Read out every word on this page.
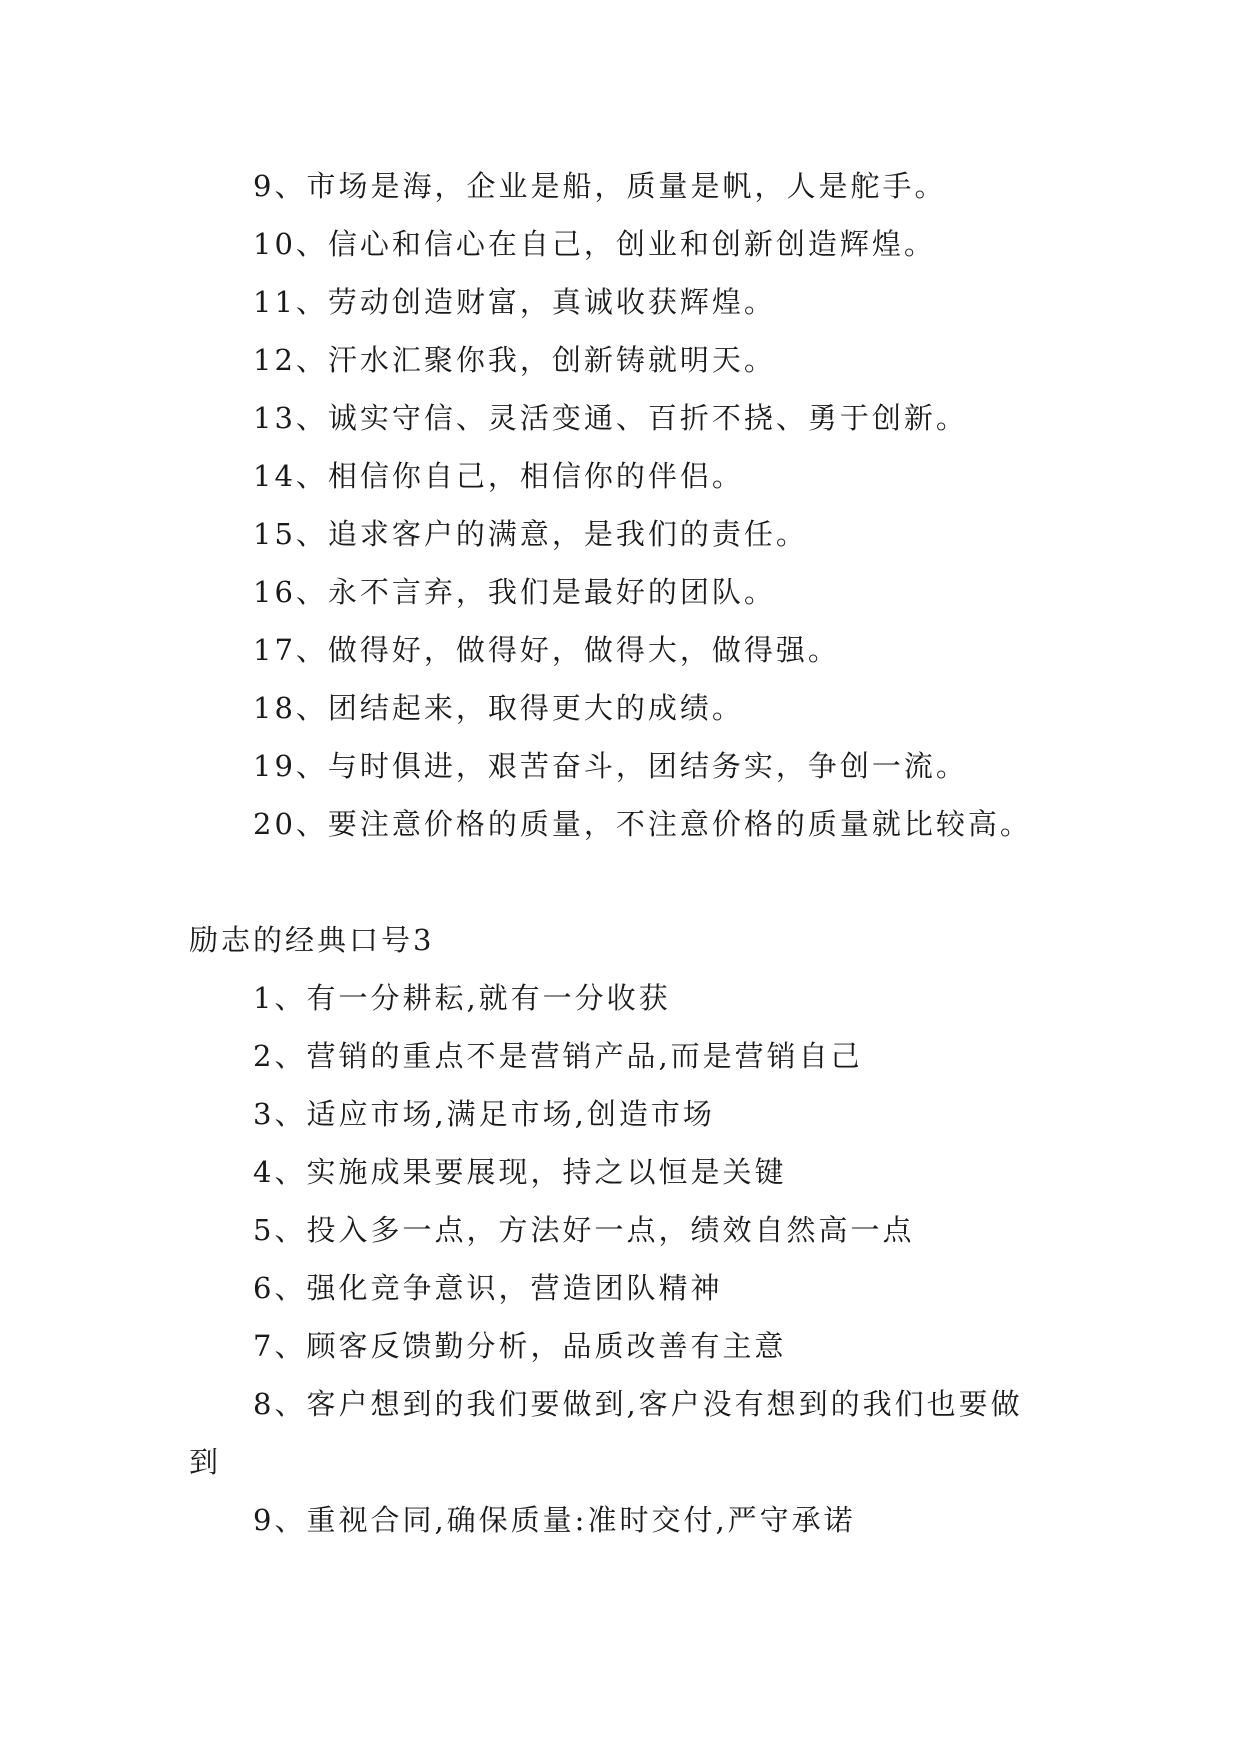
9、市场是海，企业是船，质量是帆，人是舵手。
10、信心和信心在自己，创业和创新创造辉煌。
11、劳动创造财富，真诚收获辉煌。
12、汗水汇聚你我，创新铸就明天。
13、诚实守信、灵活变通、百折不挠、勇于创新。
14、相信你自己，相信你的伴侣。
15、追求客户的满意，是我们的责任。
16、永不言弃，我们是最好的团队。
17、做得好，做得好，做得大，做得强。
18、团结起来，取得更大的成绩。
19、与时俱进，艰苦奋斗，团结务实，争创一流。
20、要注意价格的质量，不注意价格的质量就比较高。
励志的经典口号3
1、有一分耕耘,就有一分收获
2、营销的重点不是营销产品,而是营销自己
3、适应市场,满足市场,创造市场
4、实施成果要展现，持之以恒是关键
5、投入多一点，方法好一点，绩效自然高一点
6、强化竞争意识，营造团队精神
7、顾客反馈勤分析，品质改善有主意
8、客户想到的我们要做到,客户没有想到的我们也要做
到
9、重视合同,确保质量:准时交付,严守承诺
